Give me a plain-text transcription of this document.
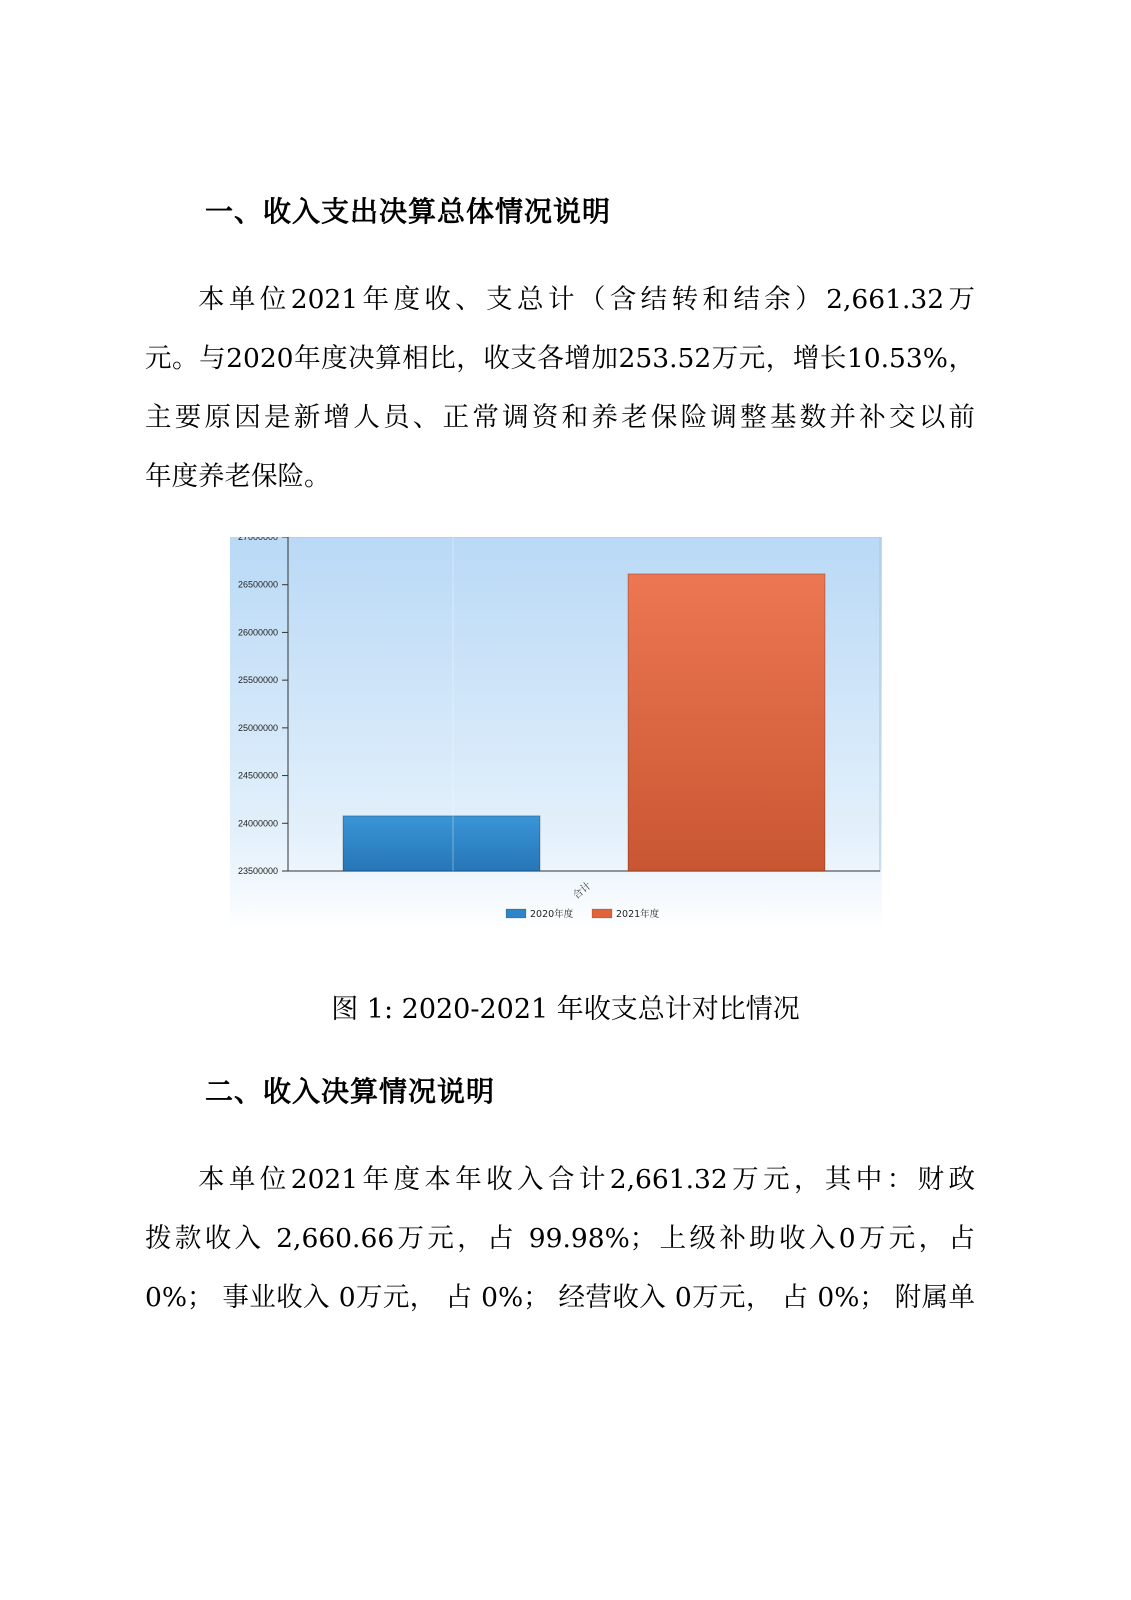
一、收入支出决算总体情况说明
本单位2021年度收、支总计（含结转和结余）2,661.32万
元。与2020年度决算相比，收支各增加253.52万元，增长10.53%，
主要原因是新增人员、正常调资和养老保险调整基数并补交以前
年度养老保险。
23500000
24000000
24500000
25000000
25500000
26000000
26500000
27000000
合计
2020年度	2021年度

图 1: 2020-2021 年收支总计对比情况

二、收入决算情况说明
本单位2021年度本年收入合计2,661.32万元，其中：财政
拨款收入 2,660.66万元，占 99.98%；上级补助收入0万元，占
0%； 事业收入 0万元， 占 0%； 经营收入 0万元， 占 0%； 附属单
